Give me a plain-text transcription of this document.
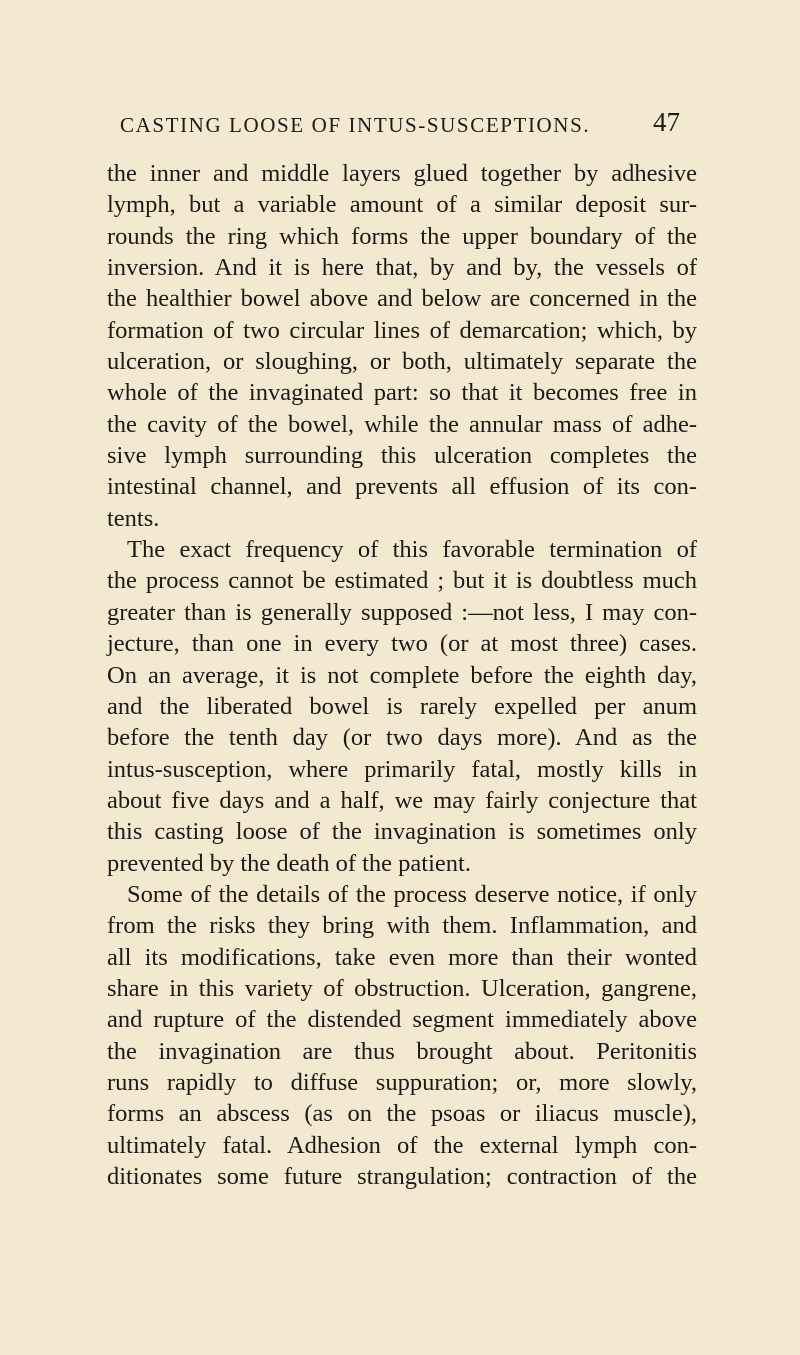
CASTING LOOSE OF INTUS-SUSCEPTIONS. 47
the inner and middle layers glued together by adhesive
lymph, but a variable amount of a similar deposit sur-
rounds the ring which forms the upper boundary of the
inversion. And it is here that, by and by, the vessels of
the healthier bowel above and below are concerned in the
formation of two circular lines of demarcation; which, by
ulceration, or sloughing, or both, ultimately separate the
whole of the invaginated part: so that it becomes free in
the cavity of the bowel, while the annular mass of adhe-
sive lymph surrounding this ulceration completes the
intestinal channel, and prevents all effusion of its con-
tents.
The exact frequency of this favorable termination of
the process cannot be estimated ; but it is doubtless much
greater than is generally supposed :—not less, I may con-
jecture, than one in every two (or at most three) cases.
On an average, it is not complete before the eighth day,
and the liberated bowel is rarely expelled per anum
before the tenth day (or two days more). And as the
intus-susception, where primarily fatal, mostly kills in
about five days and a half, we may fairly conjecture that
this casting loose of the invagination is sometimes only
prevented by the death of the patient.
Some of the details of the process deserve notice, if only
from the risks they bring with them. Inflammation, and
all its modifications, take even more than their wonted
share in this variety of obstruction. Ulceration, gangrene,
and rupture of the distended segment immediately above
the invagination are thus brought about. Peritonitis
runs rapidly to diffuse suppuration; or, more slowly,
forms an abscess (as on the psoas or iliacus muscle),
ultimately fatal. Adhesion of the external lymph con-
ditionates some future strangulation; contraction of the
